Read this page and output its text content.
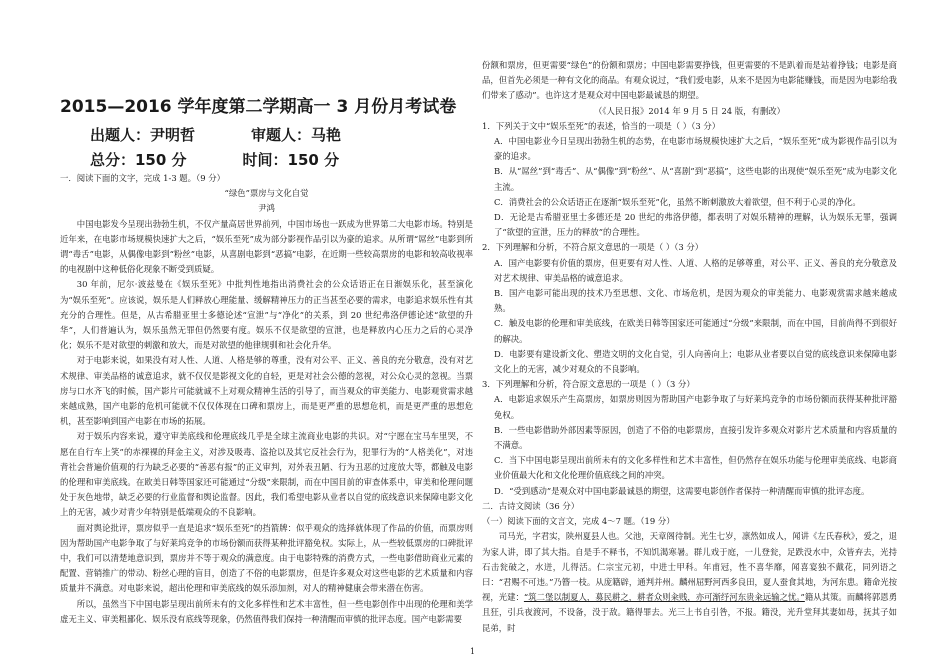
2015—2016 学年度第二学期高一 3 月份月考试卷

出题人：尹明哲	审题人：马艳

总分：150 分	时间：150 分

一．阅读下面的文字，完成 1-3 题。（9 分）

“绿色”票房与文化自觉

尹鸿

中国电影发今呈现出勃勃生机，不仅产量高居世界前列，中国市场也一跃成为世界第二大电影市场。特别是近年来，在电影市场规模快速扩大之后，“娱乐至死”成为部分影视作品引以为豪的追求。从所谓“屌丝”电影到所谓“毒舌”电影，从偶像电影到“粉丝”电影，从喜剧电影到“恶搞”电影，在近期一些较高票房的电影和较高收视率的电视剧中这种低俗化现象不断受到质疑。

30 年前，尼尔·波兹曼在《娱乐至死》中批判性地指出消费社会的公众话语正在日渐娱乐化，甚至演化为“娱乐至死”。应该说，娱乐是人们释放心理能量、缓解精神压力的正当甚至必要的需求，电影追求娱乐性有其充分的合理性。但是，从古希腊亚里士多德论述“宣泄”与“净化”的关系，到 20 世纪弗洛伊德论述“欲望的升华”，人们普遍认为，娱乐虽然无罪但仍然要有度。娱乐不仅是欲望的宣泄，也是释放内心压力之后的心灵净化；娱乐不是对欲望的刺激和放大，而是对欲望的他律规驯和社会化升华。

对于电影来说，如果没有对人性、人道、人格是够的尊重，没有对公平、正义、善良的充分敬意，没有对艺术规律、审美品格的诚意追求，就不仅仅是影视文化的自轻，更是对社会公德的忽视，对公众心灵的忽视。当票房与口水齐飞的时候，国产影片可能就诚不上对观众精神生活的引导了，而当观众的审美能力、电影观赏需求越来越成熟，国产电影的危机可能就不仅仅体现在口碑和票房上，而是更严重的思想危机，而是更严重的思想危机，甚至影响到国产电影在市场的拓展。

对于娱乐内容来说，遵守审美底线和伦理底线几乎是全球主流商业电影的共识。对“宁愿在宝马车里哭，不愿在自行车上笑”的赤裸裸的拜金主义，对涉及吸毒、盗抢以及其它反社会行为，犯罪行为的“人格美化”，对违背社会普遍价值观的行为缺乏必要的“善恶有报”的正义审判，对外表丑陋、行为丑恶的过度放大等，都触及电影的伦理和审美底线。在欧美日韩等国家还可能通过“分级”来限制，而在中国目前的审查体系中，审美和伦理问题处于灰色地带，缺乏必要的行业监督和舆论监督。因此，我们希望电影从业者以自觉的底线意识来保障电影文化上的无害，减少对青少年特别是低端观众的不良影响。

面对舆论批评，票房似乎一直是追求“娱乐至死”的挡箭牌：似乎观众的选择就体现了作品的价值，而票房则因为帮助国产电影争取了与好莱坞竞争的市场份额而获得某种批评豁免权。实际上，从一些较低票房的口碑批评中，我们可以清楚地意识到，票房并不等于观众的满意度。由于电影特殊的消费方式，一些电影借助商业元素的配置、营销推广的带动、粉丝心理的盲目，创造了不俗的电影票房，但是许多观众对这些电影的艺术质量和内容质量并不满意。对电影来说，超出伦理和审美底线的娱乐添加剂，对人的精神健康会带来潜在伤害。

所以，虽然当下中国电影呈现出前所未有的文化多样性和艺术丰富性，但一些电影创作中出现的伦理和美学虚无主义、审美粗鄙化、娱乐没有底线等现象，仍然值得我们保持一种清醒而审慎的批评态度。国产电影需要

份额和票房，但更需要“绿色”的份额和票房；中国电影需要挣钱，但更需要的不是趴着而是站着挣钱；电影是商品，但首先必须是一种有文化的商品。有观众说过，“我们爱电影，从来不是因为电影能赚钱，而是因为电影给我们带来了感动”。也许这才是观众对中国电影最诚恳的期望。

（《人民日报》2014 年 9 月 5 日 24 版，有删改）

1．下列关于文中“娱乐至死”的表述，恰当的一项是（ ）（3 分）

A．中国电影业今日呈现出勃勃生机的态势，在电影市场规模快速扩大之后，“娱乐至死”成为影视作品引以为豪的追求。

B．从“屌丝”到“毒舌”、从“偶像”到“粉丝”、从“喜剧”到“恶搞”，这些电影的出现使“娱乐至死”成为电影文化主流。

C．消费社会的公众话语正在逐渐“娱乐至死”化，虽然不断刺激放大着欲望，但不利于心灵的净化。

D．无论是古希腊亚里士多德还是 20 世纪的弗洛伊德，都表明了对娱乐精神的理解，认为娱乐无罪，强调了“欲望的宣泄，压力的释放”的合理性。

2．下列理解和分析，不符合原文意思的一项是（ ）（3 分）

A．国产电影要有价值的票房，但更要有对人性、人道、人格的足够尊重，对公平、正义、善良的充分敬意及对艺术规律、审美品格的诚意追求。

B．国产电影可能出现的技术乃至思想、文化、市场危机，是因为观众的审美能力、电影观赏需求越来越成熟。

C．触及电影的伦理和审美底线，在欧美日韩等国家还可能通过“分级”来限制，而在中国，目前尚得不到很好的解决。

D．电影要有建设新文化、塑造文明的文化自觉，引人向善向上；电影从业者要以自觉的底线意识来保障电影文化上的无害，减少对观众的不良影响。

3．下列理解和分析，符合原文意思的一项是（ ）（3 分）

A．电影追求娱乐产生高票房，如票房则因为帮助国产电影争取了与好莱坞竞争的市场份额而获得某种批评豁免权。

B．一些电影借助外部因素等原因，创造了不俗的电影票房，直接引发许多观众对影片艺术质量和内容质量的不满意。

C．当下中国电影呈现出前所未有的文化多样性和艺术丰富性，但仍然存在娱乐功能与伦理审美底线、电影商业价值最大化和文化伦理价值底线之间的冲突。

D．“受到感动”是观众对中国电影最诚恳的期望，这需要电影创作者保持一种清醒而审慎的批评态度。

二．古诗文阅读（36 分）

（一）阅读下面的文言文，完成 4～7 题。（19 分）

司马光，字君实，陕州夏县人也。父池，天章阁待制。光生七岁，凛然如成人，闻讲《左氏春秋》，爱之，退为家人讲，即了其大指。自是手不释书，不知饥渴寒暑。群儿戏于庭，一儿登瓮，足跌没水中，众皆弃去，光持石击瓮破之，水迸，儿得活。仁宗宝元初，中进士甲科。年甫冠，性不喜华靡，闻喜宴独不戴花，同列语之曰：“君赐不可违。”乃簪一枝。从庞籍辟，通判并州。麟州屈野河西多良田，夏人蚕食其地，为河东患。籍命光按视，光建：“筑二堡以制夏人，募民耕之，耕者众则籴贱，亦可渐纾河东贵籴远输之忧。”籍从其策。而麟将郭恩勇且狂，引兵夜渡河，不设备，没于敌。籍得罪去。光三上书自引咎，不报。籍没，光升堂拜其妻如母，抚其子如昆弟，时

1
